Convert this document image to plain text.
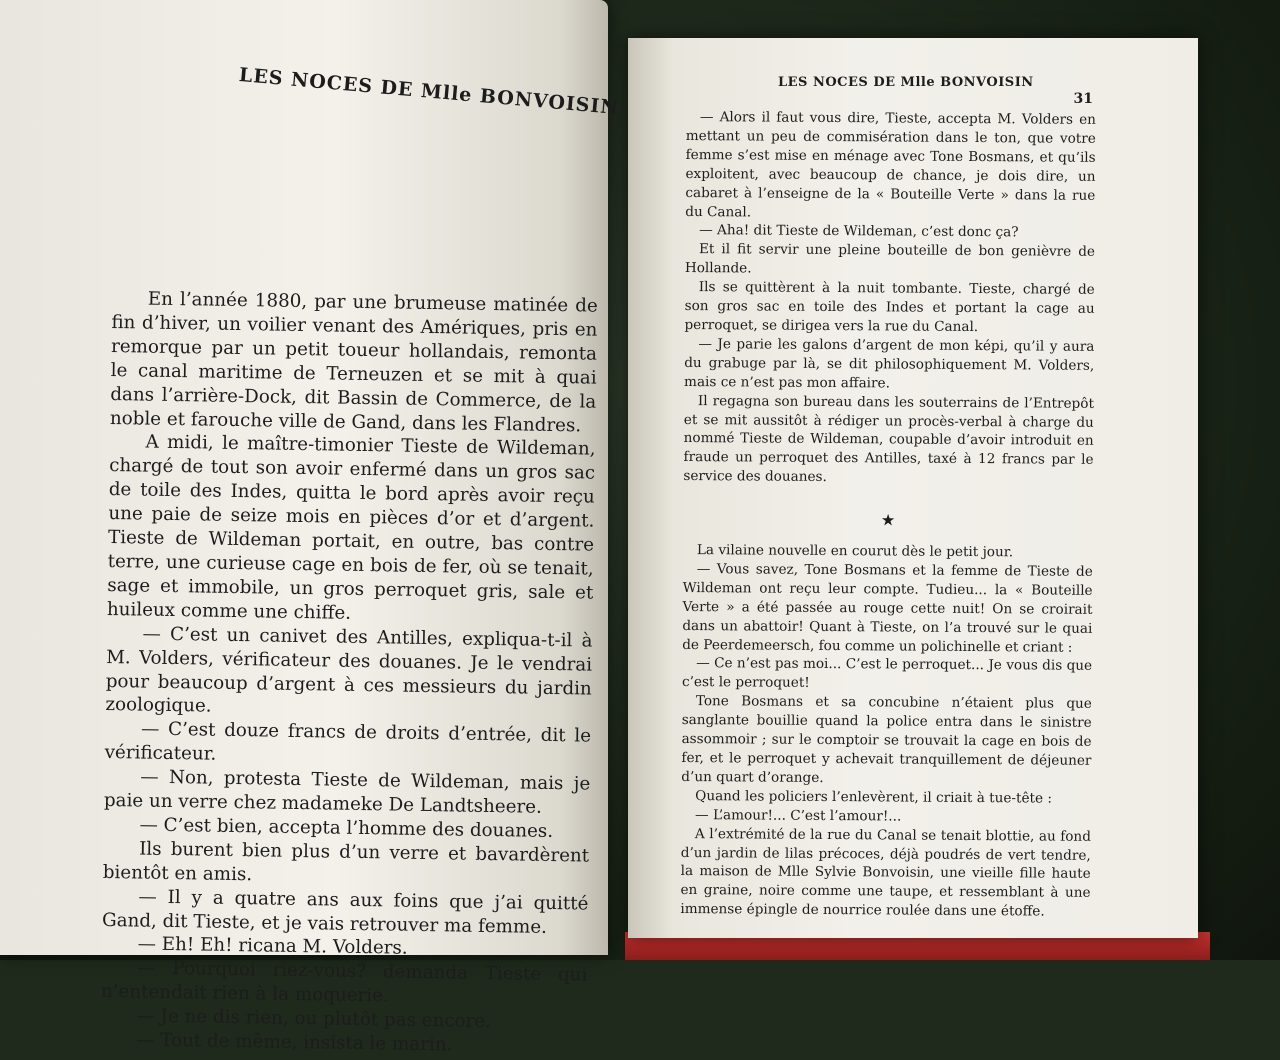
LES NOCES DE Mlle BONVOISIN

En l’année 1880, par une brumeuse matinée de fin d’hiver, un voilier venant des Amériques, pris en remorque par un petit toueur hollandais, remonta le canal maritime de Terneuzen et se mit à quai dans l’arrière-Dock, dit Bassin de Commerce, de la noble et farouche ville de Gand, dans les Flandres.

A midi, le maître-timonier Tieste de Wildeman, chargé de tout son avoir enfermé dans un gros sac de toile des Indes, quitta le bord après avoir reçu une paie de seize mois en pièces d’or et d’argent. Tieste de Wildeman portait, en outre, bas contre terre, une curieuse cage en bois de fer, où se tenait, sage et immobile, un gros perroquet gris, sale et huileux comme une chiffe.

— C’est un canivet des Antilles, expliqua-t-il à M. Volders, vérificateur des douanes. Je le vendrai pour beaucoup d’argent à ces messieurs du jardin zoologique.

— C’est douze francs de droits d’entrée, dit le vérificateur.

— Non, protesta Tieste de Wildeman, mais je paie un verre chez madameke De Landtsheere.

— C’est bien, accepta l’homme des douanes.

Ils burent bien plus d’un verre et bavardèrent bientôt en amis.

— Il y a quatre ans aux foins que j’ai quitté Gand, dit Tieste, et je vais retrouver ma femme.

— Eh! Eh! ricana M. Volders.

— Pourquoi riez-vous? demanda Tieste qui n’entendait rien à la moquerie.

— Je ne dis rien, ou plutôt pas encore.

— Tout de même, insista le marin.

LES NOCES DE Mlle BONVOISIN
31

— Alors il faut vous dire, Tieste, accepta M. Volders en mettant un peu de commisération dans le ton, que votre femme s’est mise en ménage avec Tone Bosmans, et qu’ils exploitent, avec beaucoup de chance, je dois dire, un cabaret à l’enseigne de la « Bouteille Verte » dans la rue du Canal.

— Aha! dit Tieste de Wildeman, c’est donc ça?

Et il fit servir une pleine bouteille de bon genièvre de Hollande.

Ils se quittèrent à la nuit tombante. Tieste, chargé de son gros sac en toile des Indes et portant la cage au perroquet, se dirigea vers la rue du Canal.

— Je parie les galons d’argent de mon képi, qu’il y aura du grabuge par là, se dit philosophiquement M. Volders, mais ce n’est pas mon affaire.

Il regagna son bureau dans les souterrains de l’Entrepôt et se mit aussitôt à rédiger un procès-verbal à charge du nommé Tieste de Wildeman, coupable d’avoir introduit en fraude un perroquet des Antilles, taxé à 12 francs par le service des douanes.

★

La vilaine nouvelle en courut dès le petit jour.

— Vous savez, Tone Bosmans et la femme de Tieste de Wildeman ont reçu leur compte. Tudieu... la « Bouteille Verte » a été passée au rouge cette nuit! On se croirait dans un abattoir! Quant à Tieste, on l’a trouvé sur le quai de Peerdemeersch, fou comme un polichinelle et criant :

— Ce n’est pas moi... C’est le perroquet... Je vous dis que c’est le perroquet!

Tone Bosmans et sa concubine n’étaient plus que sanglante bouillie quand la police entra dans le sinistre assommoir ; sur le comptoir se trouvait la cage en bois de fer, et le perroquet y achevait tranquillement de déjeuner d’un quart d’orange.

Quand les policiers l’enlevèrent, il criait à tue-tête :

— L’amour!... C’est l’amour!...

A l’extrémité de la rue du Canal se tenait blottie, au fond d’un jardin de lilas précoces, déjà poudrés de vert tendre, la maison de Mlle Sylvie Bonvoisin, une vieille fille haute en graine, noire comme une taupe, et ressemblant à une immense épingle de nourrice roulée dans une étoffe.
